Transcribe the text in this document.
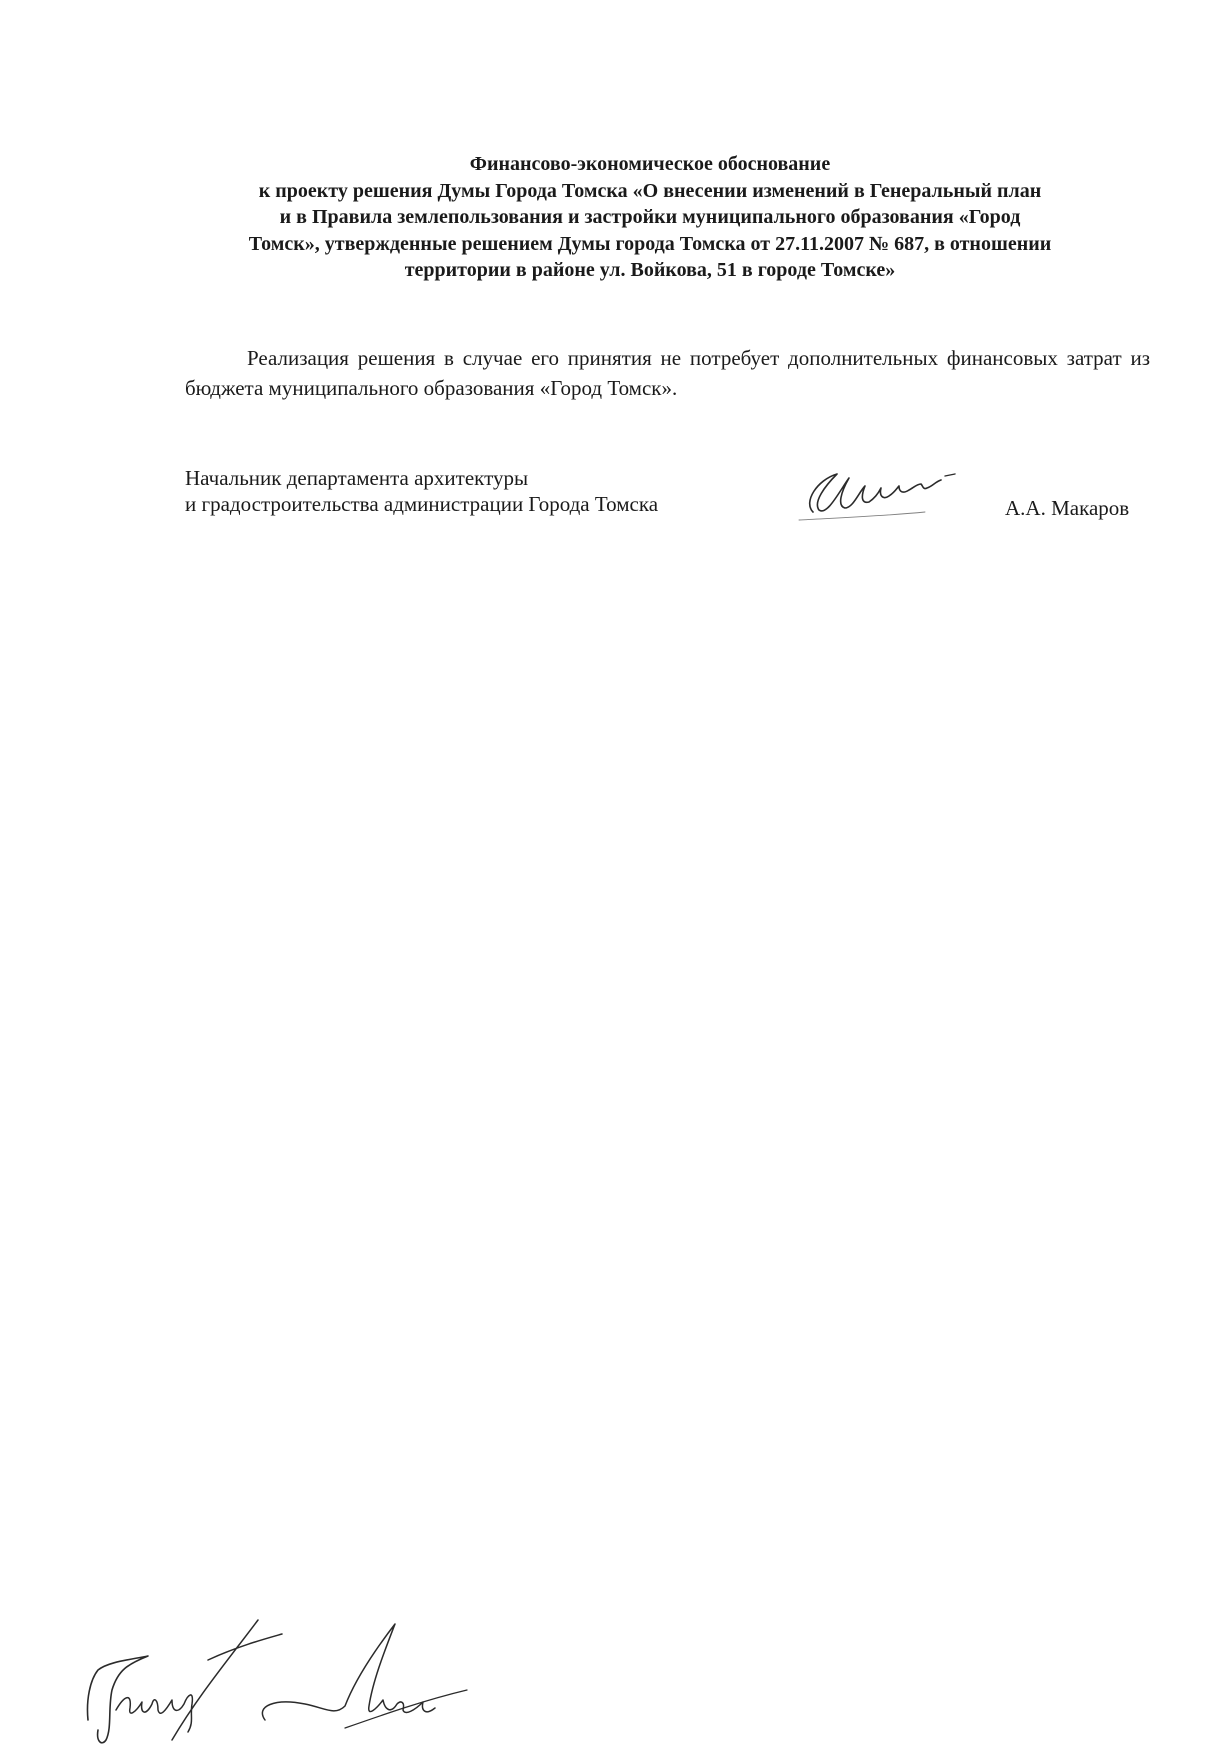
Финансово-экономическое обоснование
к проекту решения Думы Города Томска «О внесении изменений в Генеральный план
и в Правила землепользования и застройки муниципального образования «Город
Томск», утвержденные решением Думы города Томска от 27.11.2007 № 687, в отношении
территории в районе ул. Войкова, 51 в городе Томске»

Реализация решения в случае его принятия не потребует дополнительных финансовых затрат из бюджета муниципального образования «Город Томск».

Начальник департамента архитектуры
и градостроительства администрации Города Томска	А.А. Макаров
